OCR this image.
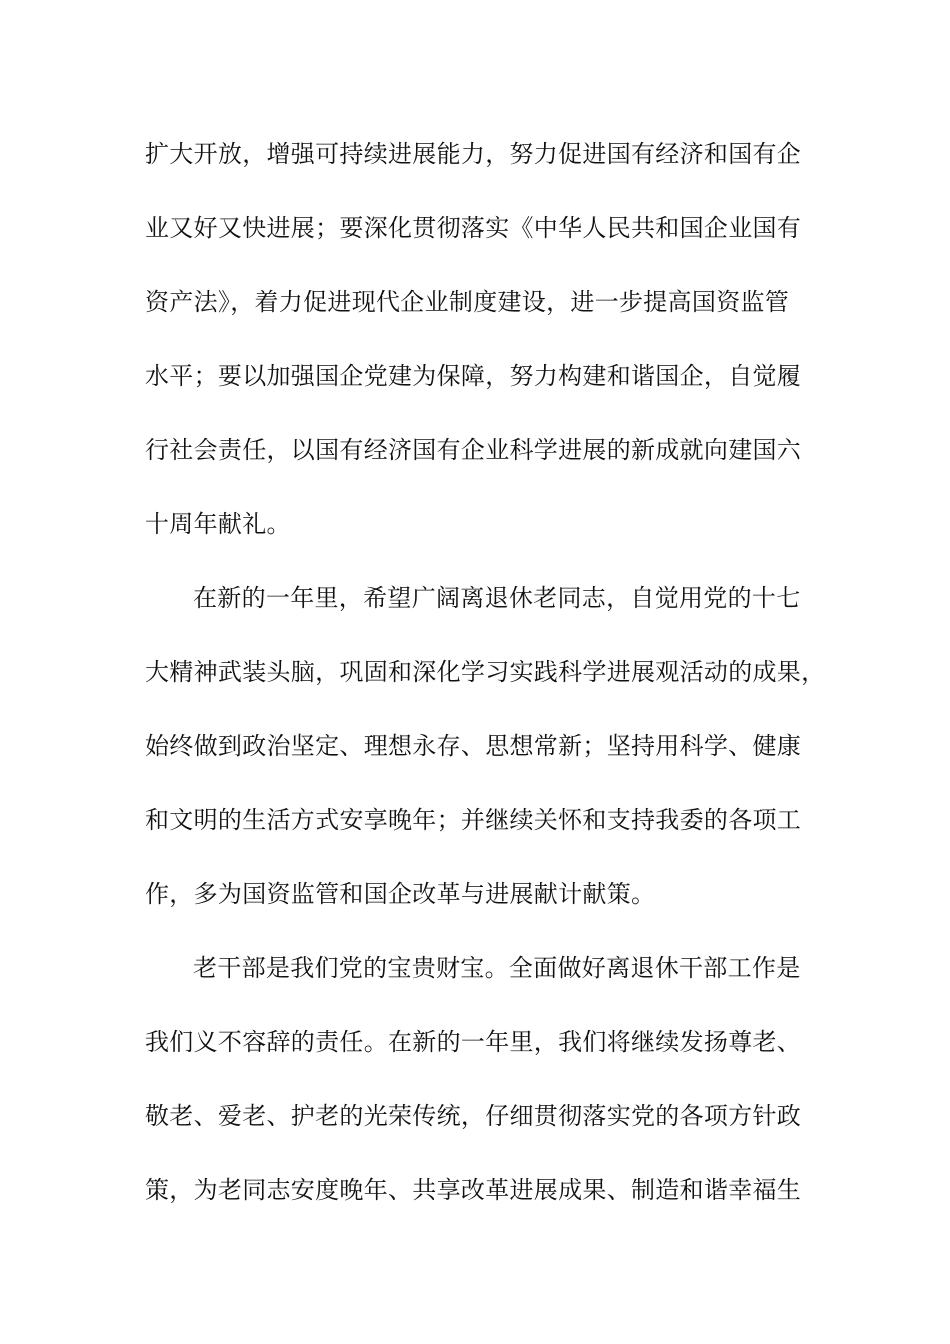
扩大开放，增强可持续进展能力，努力促进国有经济和国有企
业又好又快进展；要深化贯彻落实《中华人民共和国企业国有
资产法》，着力促进现代企业制度建设，进一步提高国资监管
水平；要以加强国企党建为保障，努力构建和谐国企，自觉履
行社会责任，以国有经济国有企业科学进展的新成就向建国六
十周年献礼。
在新的一年里，希望广阔离退休老同志，自觉用党的十七
大精神武装头脑，巩固和深化学习实践科学进展观活动的成果，
始终做到政治坚定、理想永存、思想常新；坚持用科学、健康
和文明的生活方式安享晚年；并继续关怀和支持我委的各项工
作，多为国资监管和国企改革与进展献计献策。
老干部是我们党的宝贵财宝。全面做好离退休干部工作是
我们义不容辞的责任。在新的一年里，我们将继续发扬尊老、
敬老、爱老、护老的光荣传统，仔细贯彻落实党的各项方针政
策，为老同志安度晚年、共享改革进展成果、制造和谐幸福生
